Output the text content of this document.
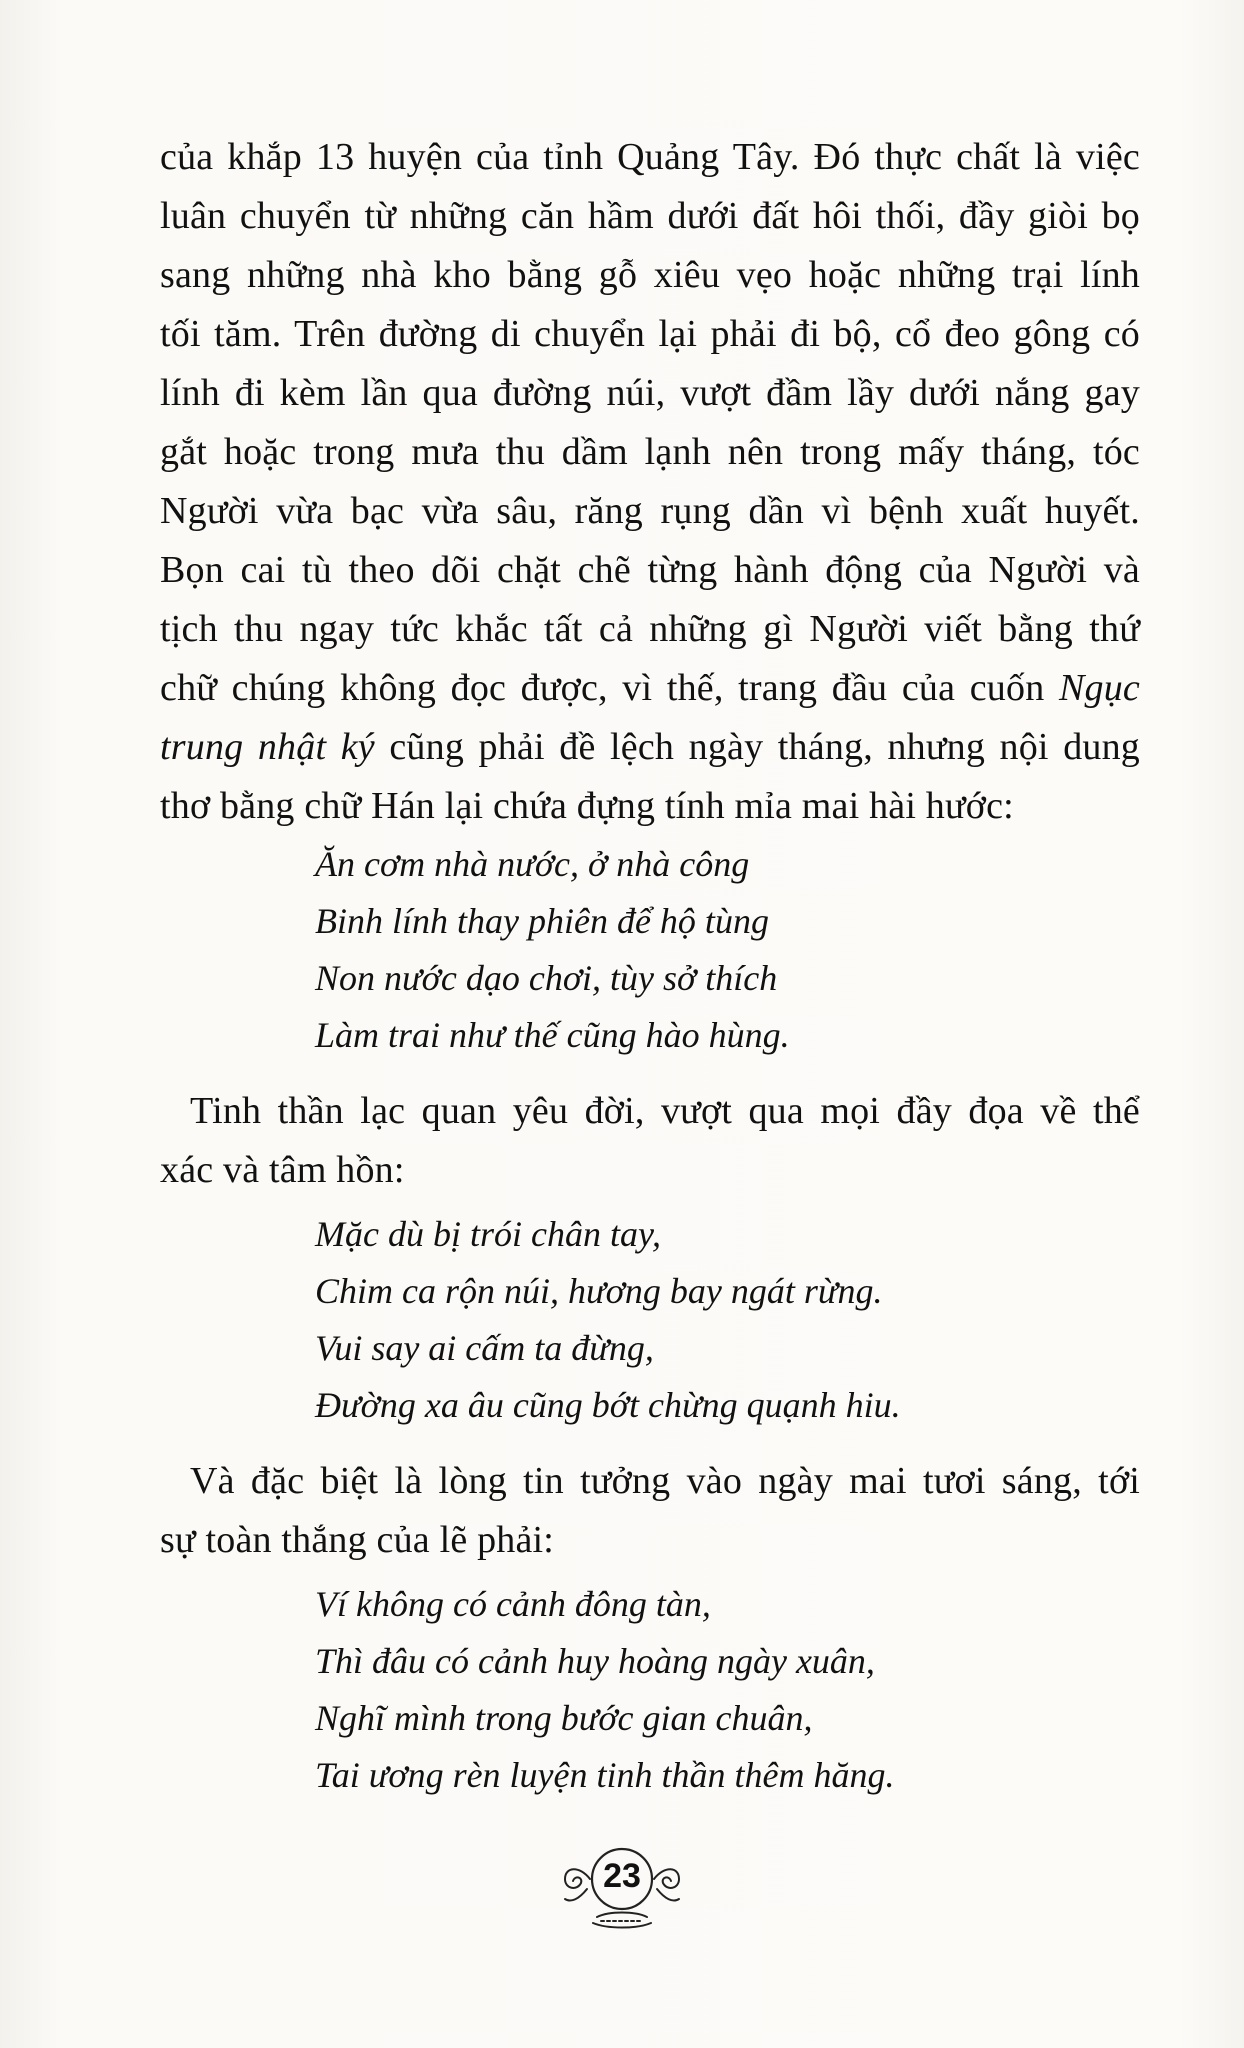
của khắp 13 huyện của tỉnh Quảng Tây. Đó thực chất là việc
luân chuyển từ những căn hầm dưới đất hôi thối, đầy giòi bọ
sang những nhà kho bằng gỗ xiêu vẹo hoặc những trại lính
tối tăm. Trên đường di chuyển lại phải đi bộ, cổ đeo gông có
lính đi kèm lần qua đường núi, vượt đầm lầy dưới nắng gay
gắt hoặc trong mưa thu dầm lạnh nên trong mấy tháng, tóc
Người vừa bạc vừa sâu, răng rụng dần vì bệnh xuất huyết.
Bọn cai tù theo dõi chặt chẽ từng hành động của Người và
tịch thu ngay tức khắc tất cả những gì Người viết bằng thứ
chữ chúng không đọc được, vì thế, trang đầu của cuốn Ngục
trung nhật ký cũng phải đề lệch ngày tháng, nhưng nội dung
thơ bằng chữ Hán lại chứa đựng tính mỉa mai hài hước:
Ăn cơm nhà nước, ở nhà công
Binh lính thay phiên để hộ tùng
Non nước dạo chơi, tùy sở thích
Làm trai như thế cũng hào hùng.
Tinh thần lạc quan yêu đời, vượt qua mọi đầy đọa về thể
xác và tâm hồn:
Mặc dù bị trói chân tay,
Chim ca rộn núi, hương bay ngát rừng.
Vui say ai cấm ta đừng,
Đường xa âu cũng bớt chừng quạnh hiu.
Và đặc biệt là lòng tin tưởng vào ngày mai tươi sáng, tới
sự toàn thắng của lẽ phải:
Ví không có cảnh đông tàn,
Thì đâu có cảnh huy hoàng ngày xuân,
Nghĩ mình trong bước gian chuân,
Tai ương rèn luyện tinh thần thêm hăng.
23
